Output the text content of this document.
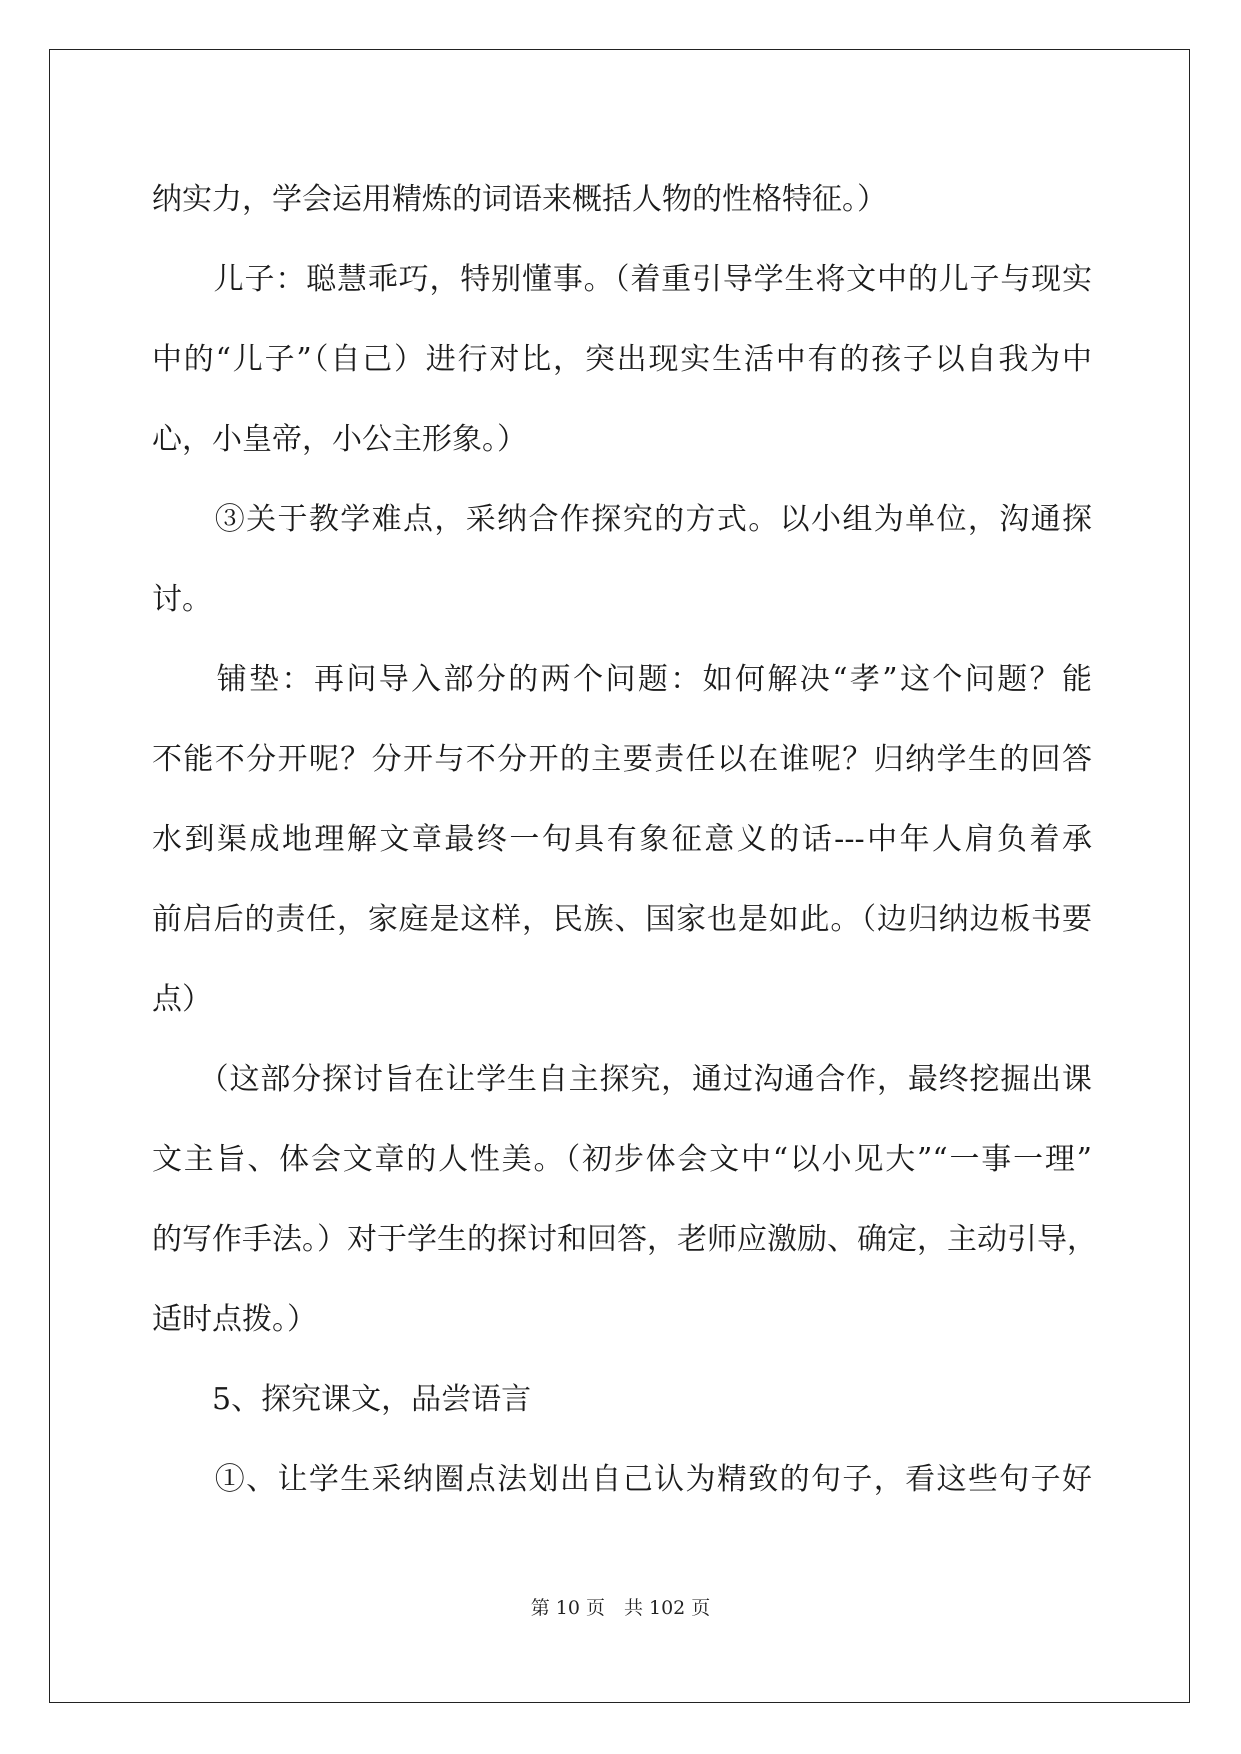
纳实力，学会运用精炼的词语来概括人物的性格特征。）
　　儿子：聪慧乖巧，特别懂事。（着重引导学生将文中的儿子与现实
中的“儿子”（自己）进行对比，突出现实生活中有的孩子以自我为中
心，小皇帝，小公主形象。）
　　③关于教学难点，采纳合作探究的方式。以小组为单位，沟通探
讨。
　　铺垫：再问导入部分的两个问题：如何解决“孝”这个问题？能
不能不分开呢？分开与不分开的主要责任以在谁呢？归纳学生的回答
水到渠成地理解文章最终一句具有象征意义的话---中年人肩负着承
前启后的责任，家庭是这样，民族、国家也是如此。（边归纳边板书要
点）
　　（这部分探讨旨在让学生自主探究，通过沟通合作，最终挖掘出课
文主旨、体会文章的人性美。（初步体会文中“以小见大”“一事一理”
的写作手法。）对于学生的探讨和回答，老师应激励、确定，主动引导，
适时点拨。）
　　5、探究课文，品尝语言
　　①、让学生采纳圈点法划出自己认为精致的句子，看这些句子好
第 10 页　共 102 页
